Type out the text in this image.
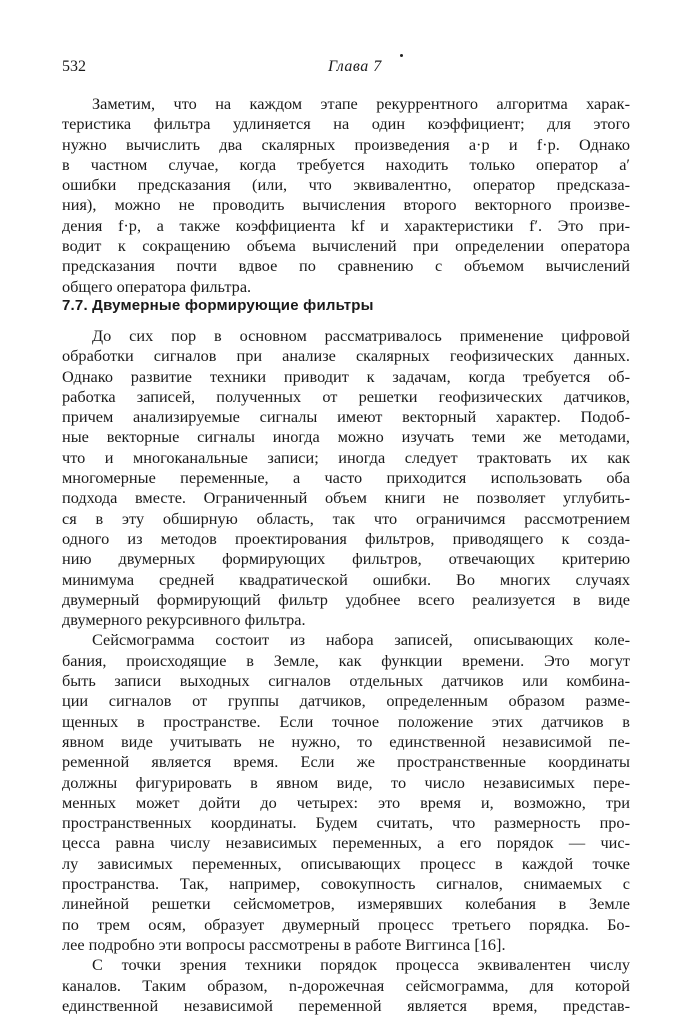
532	Глава 7
Заметим, что на каждом этапе рекуррентного алгоритма харак-
теристика фильтра удлиняется на один коэффициент; для этого
нужно вычислить два скалярных произведения a·p и f·p. Однако
в частном случае, когда требуется находить только оператор a′
ошибки предсказания (или, что эквивалентно, оператор предсказа-
ния), можно не проводить вычисления второго векторного произве-
дения f·p, а также коэффициента kf и характеристики f′. Это при-
водит к сокращению объема вычислений при определении оператора
предсказания почти вдвое по сравнению с объемом вычислений
общего оператора фильтра.
7.7. Двумерные формирующие фильтры
До сих пор в основном рассматривалось применение цифровой
обработки сигналов при анализе скалярных геофизических данных.
Однако развитие техники приводит к задачам, когда требуется об-
работка записей, полученных от решетки геофизических датчиков,
причем анализируемые сигналы имеют векторный характер. Подоб-
ные векторные сигналы иногда можно изучать теми же методами,
что и многоканальные записи; иногда следует трактовать их как
многомерные переменные, а часто приходится использовать оба
подхода вместе. Ограниченный объем книги не позволяет углубить-
ся в эту обширную область, так что ограничимся рассмотрением
одного из методов проектирования фильтров, приводящего к созда-
нию двумерных формирующих фильтров, отвечающих критерию
минимума средней квадратической ошибки. Во многих случаях
двумерный формирующий фильтр удобнее всего реализуется в виде
двумерного рекурсивного фильтра.
Сейсмограмма состоит из набора записей, описывающих коле-
бания, происходящие в Земле, как функции времени. Это могут
быть записи выходных сигналов отдельных датчиков или комбина-
ции сигналов от группы датчиков, определенным образом разме-
щенных в пространстве. Если точное положение этих датчиков в
явном виде учитывать не нужно, то единственной независимой пе-
ременной является время. Если же пространственные координаты
должны фигурировать в явном виде, то число независимых пере-
менных может дойти до четырех: это время и, возможно, три
пространственных координаты. Будем считать, что размерность про-
цесса равна числу независимых переменных, а его порядок — чис-
лу зависимых переменных, описывающих процесс в каждой точке
пространства. Так, например, совокупность сигналов, снимаемых с
линейной решетки сейсмометров, измерявших колебания в Земле
по трем осям, образует двумерный процесс третьего порядка. Бо-
лее подробно эти вопросы рассмотрены в работе Виггинса [16].
С точки зрения техники порядок процесса эквивалентен числу
каналов. Таким образом, n-дорожечная сейсмограмма, для которой
единственной независимой переменной является время, представ-
